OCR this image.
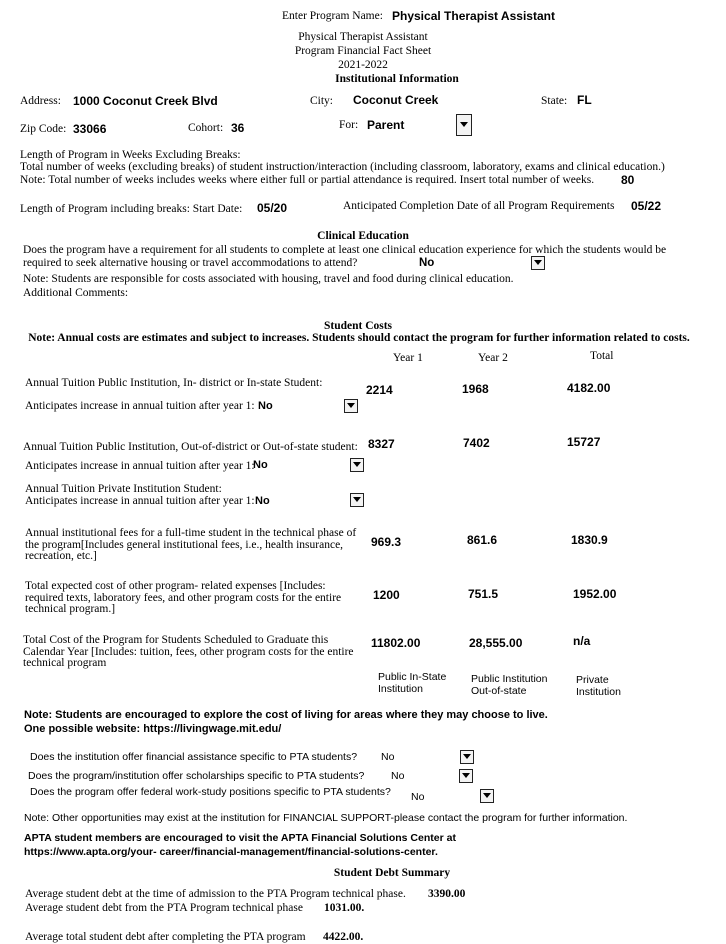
Enter Program Name: Physical Therapist Assistant
Physical Therapist Assistant
Program Financial Fact Sheet
2021-2022
Institutional Information
Address: 1000 Coconut Creek Blvd	City: Coconut Creek	State: FL
Zip Code: 33066	Cohort: 36	For: Parent
Length of Program in Weeks Excluding Breaks:
Total number of weeks (excluding breaks) of student instruction/interaction (including classroom, laboratory, exams and clinical education.)
Note: Total number of weeks includes weeks where either full or partial attendance is required. Insert total number of weeks. 80
Length of Program including breaks: Start Date: 05/20	Anticipated Completion Date of all Program Requirements 05/22
Clinical Education
Does the program have a requirement for all students to complete at least one clinical education experience for which the students would be
required to seek alternative housing or travel accommodations to attend?	No
Note: Students are responsible for costs associated with housing, travel and food during clinical education.
Additional Comments:
Student Costs
Note: Annual costs are estimates and subject to increases. Students should contact the program for further information related to costs.
Year 1	Year 2	Total
Annual Tuition Public Institution, In- district or In-state Student:	2214	1968	4182.00
Anticipates increase in annual tuition after year 1: No
Annual Tuition Public Institution, Out-of-district or Out-of-state student: 8327	7402	15727
Anticipates increase in annual tuition after year 1:
No
Annual Tuition Private Institution Student:
Anticipates increase in annual tuition after year 1: No
Annual institutional fees for a full-time student in the technical phase of the program[Includes general institutional fees, i.e., health insurance, recreation, etc.]
969.3	861.6	1830.9
Total expected cost of other program- related expenses [Includes: required texts, laboratory fees, and other program costs for the entire technical program.]
1200	751.5	1952.00
Total Cost of the Program for Students Scheduled to Graduate this Calendar Year [Includes: tuition, fees, other program costs for the entire technical program
11802.00	28,555.00	n/a
Public In-State Institution
Public Institution Out-of-state
Private Institution
Note: Students are encouraged to explore the cost of living for areas where they may choose to live.
One possible website: https://livingwage.mit.edu/
Does the institution offer financial assistance specific to PTA students? No
Does the program/institution offer scholarships specific to PTA students?	No
Does the program offer federal work-study positions specific to PTA students? No
Note: Other opportunities may exist at the institution for FINANCIAL SUPPORT-please contact the program for further information.
APTA student members are encouraged to visit the APTA Financial Solutions Center at
https://www.apta.org/your- career/financial-management/financial-solutions-center.
Student Debt Summary
Average student debt at the time of admission to the PTA Program technical phase. 3390.00
Average student debt from the PTA Program technical phase 1031.00.
Average total student debt after completing the PTA program 4422.00.
